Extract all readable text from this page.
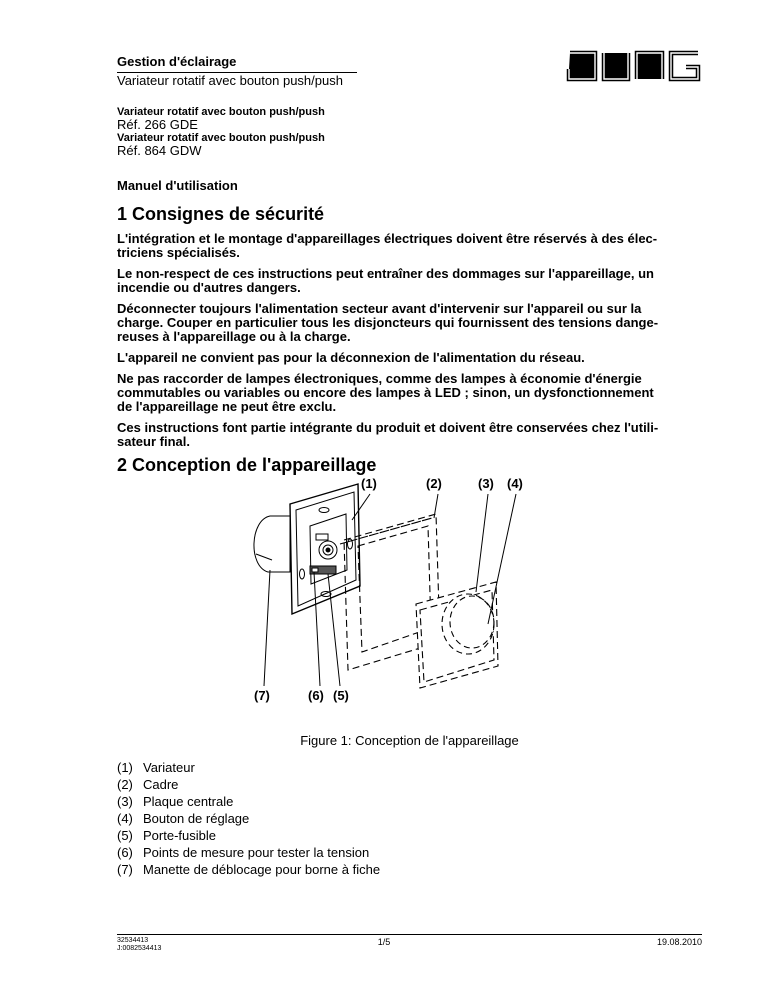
Gestion d'éclairage
Variateur rotatif avec bouton push/push
Variateur rotatif avec bouton push/push
Réf. 266 GDE
Variateur rotatif avec bouton push/push
Réf. 864 GDW
Manuel d'utilisation
1 Consignes de sécurité

L'intégration et le montage d'appareillages électriques doivent être réservés à des élec-
triciens spécialisés.

Le non-respect de ces instructions peut entraîner des dommages sur l'appareillage, un
incendie ou d'autres dangers.

Déconnecter toujours l'alimentation secteur avant d'intervenir sur l'appareil ou sur la
charge. Couper en particulier tous les disjoncteurs qui fournissent des tensions dange-
reuses à l'appareillage ou à la charge.

L'appareil ne convient pas pour la déconnexion de l'alimentation du réseau.

Ne pas raccorder de lampes électroniques, comme des lampes à économie d'énergie
commutables ou variables ou encore des lampes à LED ; sinon, un dysfonctionnement
de l'appareillage ne peut être exclu.

Ces instructions font partie intégrante du produit et doivent être conservées chez l'utili-
sateur final.

2 Conception de l'appareillage
(1)	(2)	(3) (4)
(7)	(6) (5)
Figure 1: Conception de l'appareillage
(1) Variateur
(2) Cadre
(3) Plaque centrale
(4) Bouton de réglage
(5) Porte-fusible
(6) Points de mesure pour tester la tension
(7) Manette de déblocage pour borne à fiche
32534413
J:0082534413
1/5	19.08.2010
